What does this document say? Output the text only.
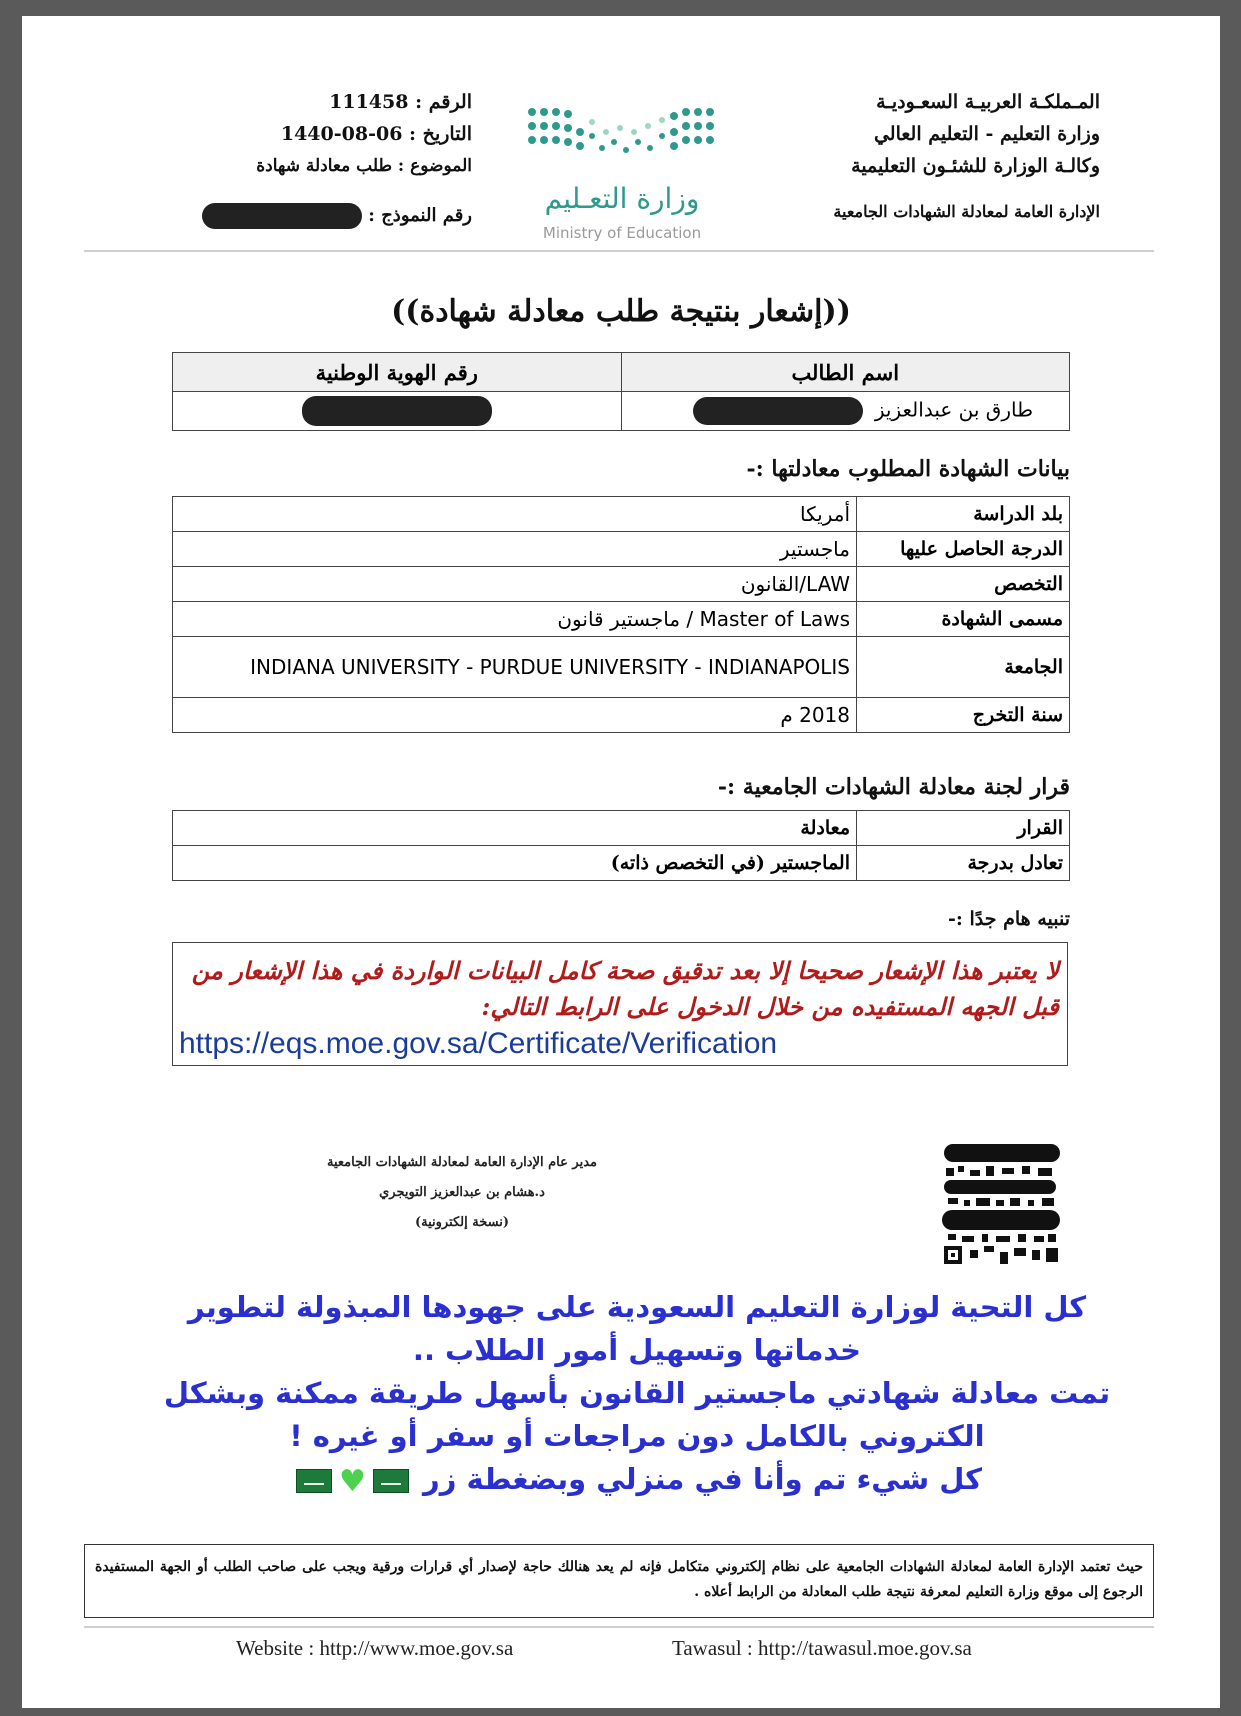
المـملكـة العربيـة السعـوديـة
وزارة التعليم - التعليم العالي
وكالـة الوزارة للشئـون التعليمية
الإدارة العامة لمعادلة الشهادات الجامعية
وزارة التعـليم
Ministry of Education
الرقم : 111458
التاريخ : 06-08-1440
الموضوع : طلب معادلة شهادة
رقم النموذج :
((إشعار بنتيجة طلب معادلة شهادة))
اسم الطالب	رقم الهوية الوطنية
طارق بن عبدالعزيز	
بيانات الشهادة المطلوب معادلتها :-
بلد الدراسة	أمريكا
الدرجة الحاصل عليها	ماجستير
التخصص	LAW/القانون
مسمى الشهادة	Master of Laws / ماجستير قانون
الجامعة	INDIANA UNIVERSITY - PURDUE UNIVERSITY - INDIANAPOLIS
سنة التخرج	2018 م
قرار لجنة معادلة الشهادات الجامعية :-
القرار	معادلة
تعادل بدرجة	الماجستير (في التخصص ذاته)
تنبيه هام جدًا :-
لا يعتبر هذا الإشعار صحيحا إلا بعد تدقيق صحة كامل البيانات الواردة في هذا الإشعار من قبل الجهه المستفيده من خلال الدخول على الرابط التالي:
https://eqs.moe.gov.sa/Certificate/Verification
مدير عام الإدارة العامة لمعادلة الشهادات الجامعية
د.هشام بن عبدالعزيز التويجري
(نسخة إلكترونية)
كل التحية لوزارة التعليم السعودية على جهودها المبذولة لتطوير
خدماتها وتسهيل أمور الطلاب ..
تمت معادلة شهادتي ماجستير القانون بأسهل طريقة ممكنة وبشكل
الكتروني بالكامل دون مراجعات أو سفر أو غيره !
كل شيء تم وأنا في منزلي وبضغطة زر ♥
حيث تعتمد الإدارة العامة لمعادلة الشهادات الجامعية على نظام إلكتروني متكامل فإنه لم يعد هنالك حاجة لإصدار أي قرارات ورقية ويجب على صاحب الطلب أو الجهة المستفيدة الرجوع إلى موقع وزارة التعليم لمعرفة نتيجة طلب المعادلة من الرابط أعلاه .
Website : http://www.moe.gov.sa	Tawasul : http://tawasul.moe.gov.sa
